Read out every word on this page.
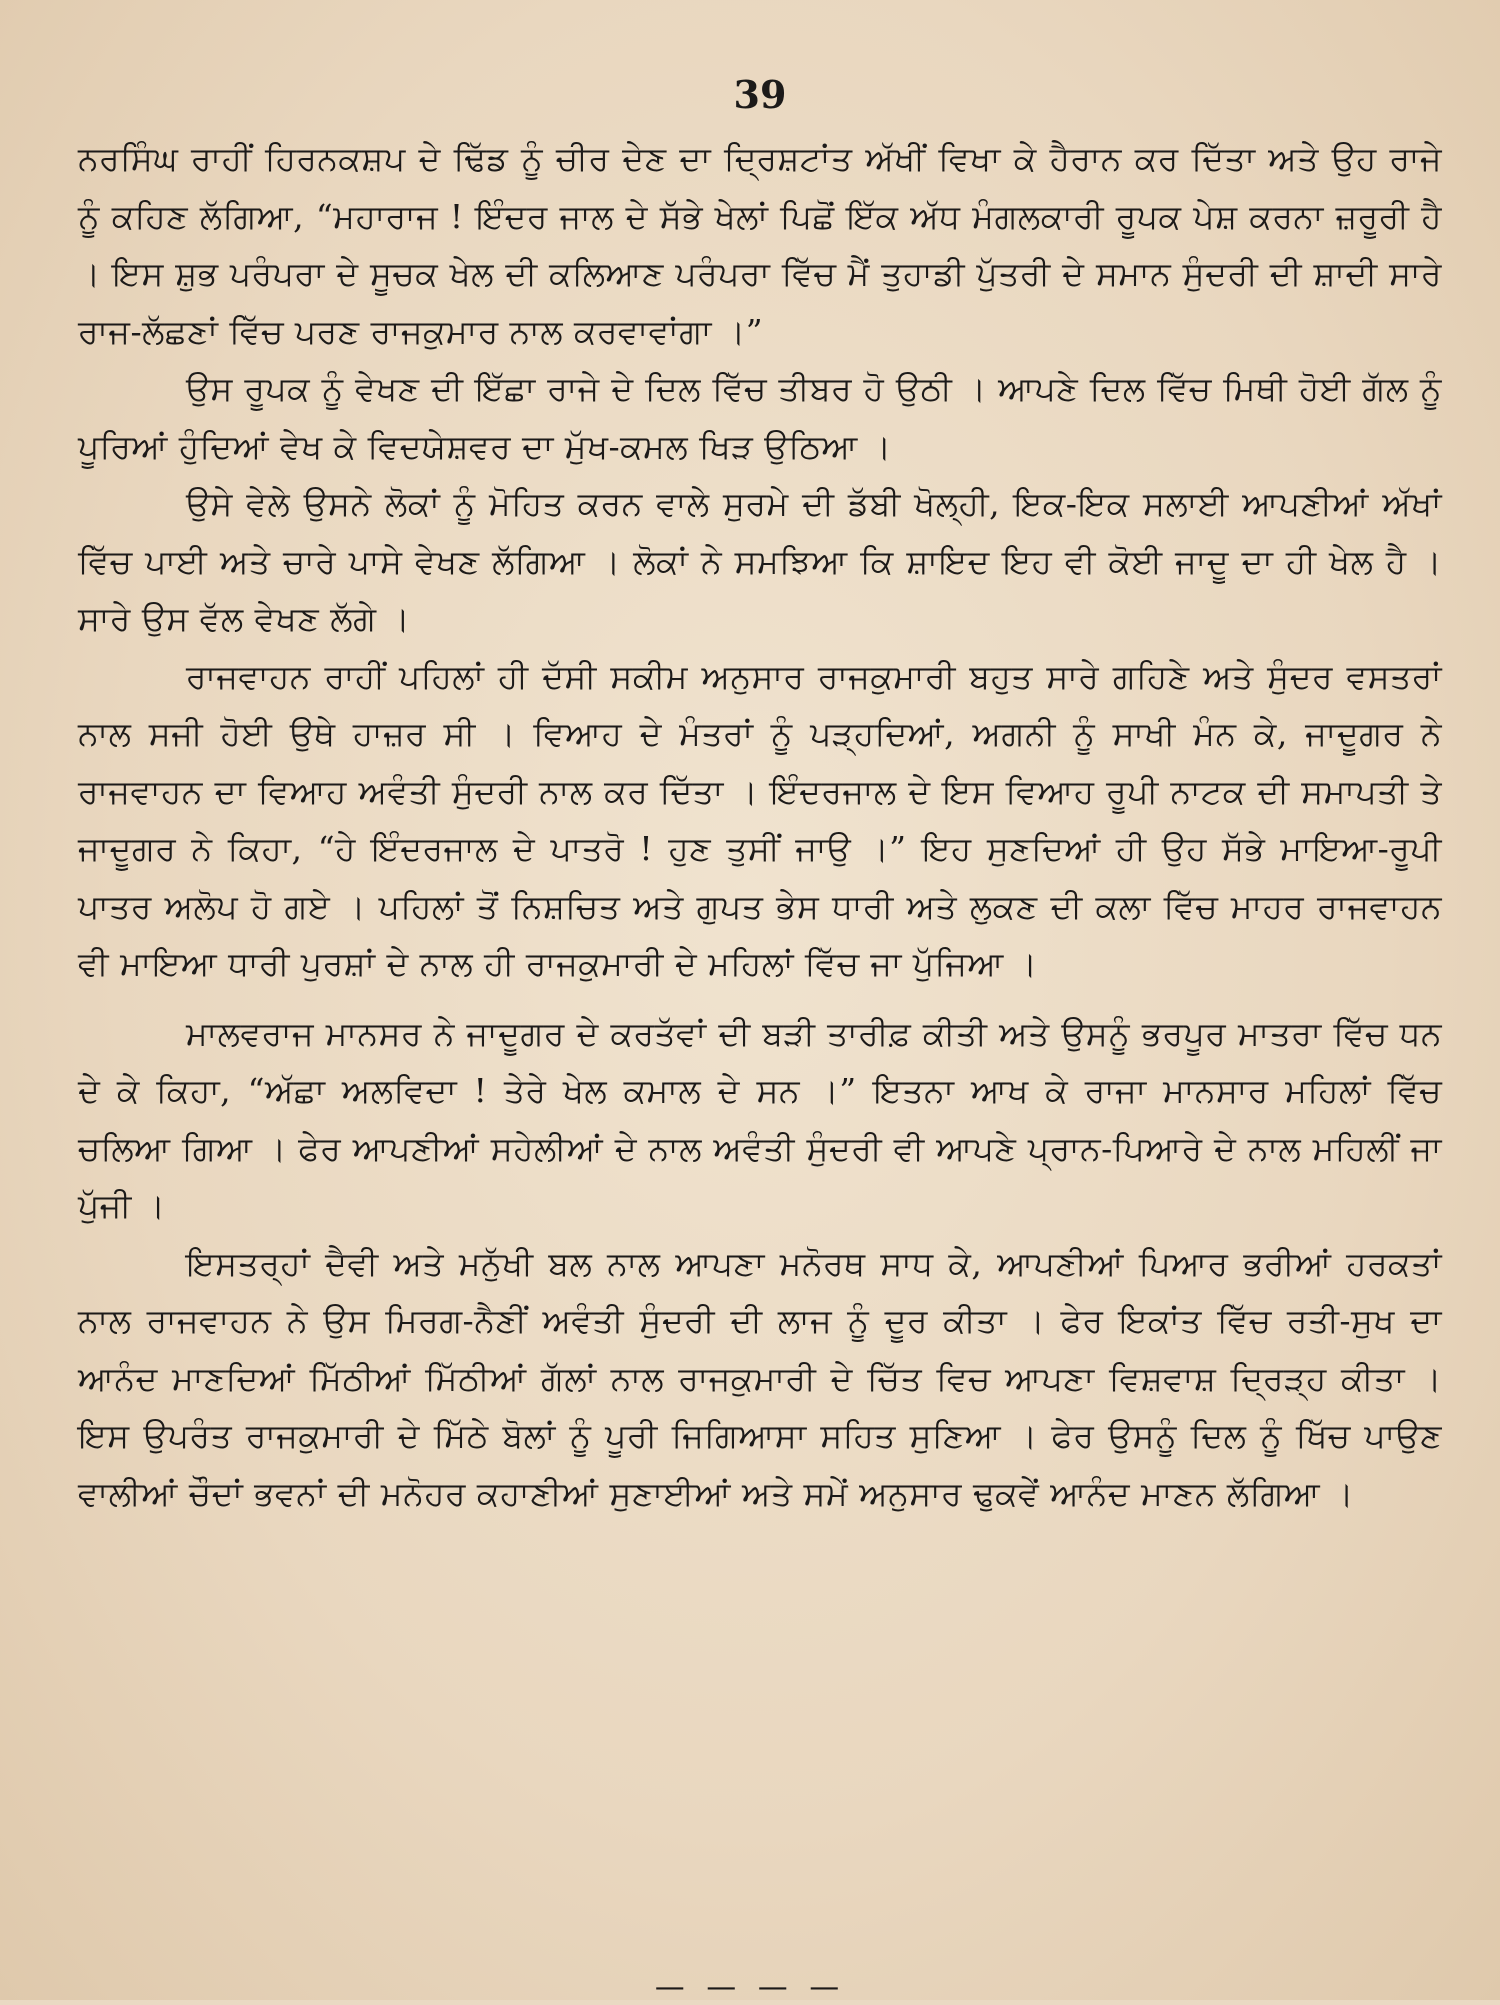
39

ਨਰਸਿੰਘ ਰਾਹੀਂ ਹਿਰਨਕਸ਼ਪ ਦੇ ਢਿੱਡ ਨੂੰ ਚੀਰ ਦੇਣ ਦਾ ਦ੍ਰਿਸ਼ਟਾਂਤ ਅੱਖੀਂ ਵਿਖਾ ਕੇ ਹੈਰਾਨ ਕਰ ਦਿੱਤਾ ਅਤੇ ਉਹ ਰਾਜੇ ਨੂੰ ਕਹਿਣ ਲੱਗਿਆ, “ਮਹਾਰਾਜ ! ਇੰਦਰ ਜਾਲ ਦੇ ਸੱਭੇ ਖੇਲਾਂ ਪਿਛੋਂ ਇੱਕ ਅੱਧ ਮੰਗਲਕਾਰੀ ਰੂਪਕ ਪੇਸ਼ ਕਰਨਾ ਜ਼ਰੂਰੀ ਹੈ । ਇਸ ਸ਼ੁਭ ਪਰੰਪਰਾ ਦੇ ਸੂਚਕ ਖੇਲ ਦੀ ਕਲਿਆਣ ਪਰੰਪਰਾ ਵਿੱਚ ਮੈਂ ਤੁਹਾਡੀ ਪੁੱਤਰੀ ਦੇ ਸਮਾਨ ਸੁੰਦਰੀ ਦੀ ਸ਼ਾਦੀ ਸਾਰੇ ਰਾਜ-ਲੱਛਣਾਂ ਵਿੱਚ ਪਰਣ ਰਾਜਕੁਮਾਰ ਨਾਲ ਕਰਵਾਵਾਂਗਾ ।”

ਉਸ ਰੂਪਕ ਨੂੰ ਵੇਖਣ ਦੀ ਇੱਛਾ ਰਾਜੇ ਦੇ ਦਿਲ ਵਿੱਚ ਤੀਬਰ ਹੋ ਉਠੀ । ਆਪਣੇ ਦਿਲ ਵਿੱਚ ਮਿਥੀ ਹੋਈ ਗੱਲ ਨੂੰ ਪੂਰਿਆਂ ਹੁੰਦਿਆਂ ਵੇਖ ਕੇ ਵਿਦਯੇਸ਼ਵਰ ਦਾ ਮੁੱਖ-ਕਮਲ ਖਿੜ ਉਠਿਆ ।

ਉਸੇ ਵੇਲੇ ਉਸਨੇ ਲੋਕਾਂ ਨੂੰ ਮੋਹਿਤ ਕਰਨ ਵਾਲੇ ਸੁਰਮੇ ਦੀ ਡੱਬੀ ਖੋਲ੍ਹੀ, ਇਕ-ਇਕ ਸਲਾਈ ਆਪਣੀਆਂ ਅੱਖਾਂ ਵਿੱਚ ਪਾਈ ਅਤੇ ਚਾਰੇ ਪਾਸੇ ਵੇਖਣ ਲੱਗਿਆ । ਲੋਕਾਂ ਨੇ ਸਮਝਿਆ ਕਿ ਸ਼ਾਇਦ ਇਹ ਵੀ ਕੋਈ ਜਾਦੂ ਦਾ ਹੀ ਖੇਲ ਹੈ । ਸਾਰੇ ਉਸ ਵੱਲ ਵੇਖਣ ਲੱਗੇ ।

ਰਾਜਵਾਹਨ ਰਾਹੀਂ ਪਹਿਲਾਂ ਹੀ ਦੱਸੀ ਸਕੀਮ ਅਨੁਸਾਰ ਰਾਜਕੁਮਾਰੀ ਬਹੁਤ ਸਾਰੇ ਗਹਿਣੇ ਅਤੇ ਸੁੰਦਰ ਵਸਤਰਾਂ ਨਾਲ ਸਜੀ ਹੋਈ ਉਥੇ ਹਾਜ਼ਰ ਸੀ । ਵਿਆਹ ਦੇ ਮੰਤਰਾਂ ਨੂੰ ਪੜ੍ਹਦਿਆਂ, ਅਗਨੀ ਨੂੰ ਸਾਖੀ ਮੰਨ ਕੇ, ਜਾਦੂਗਰ ਨੇ ਰਾਜਵਾਹਨ ਦਾ ਵਿਆਹ ਅਵੰਤੀ ਸੁੰਦਰੀ ਨਾਲ ਕਰ ਦਿੱਤਾ । ਇੰਦਰਜਾਲ ਦੇ ਇਸ ਵਿਆਹ ਰੂਪੀ ਨਾਟਕ ਦੀ ਸਮਾਪਤੀ ਤੇ ਜਾਦੂਗਰ ਨੇ ਕਿਹਾ, “ਹੇ ਇੰਦਰਜਾਲ ਦੇ ਪਾਤਰੋ ! ਹੁਣ ਤੁਸੀਂ ਜਾਉ ।” ਇਹ ਸੁਣਦਿਆਂ ਹੀ ਉਹ ਸੱਭੇ ਮਾਇਆ-ਰੂਪੀ ਪਾਤਰ ਅਲੋਪ ਹੋ ਗਏ । ਪਹਿਲਾਂ ਤੋਂ ਨਿਸ਼ਚਿਤ ਅਤੇ ਗੁਪਤ ਭੇਸ ਧਾਰੀ ਅਤੇ ਲੁਕਣ ਦੀ ਕਲਾ ਵਿੱਚ ਮਾਹਰ ਰਾਜਵਾਹਨ ਵੀ ਮਾਇਆ ਧਾਰੀ ਪੁਰਸ਼ਾਂ ਦੇ ਨਾਲ ਹੀ ਰਾਜਕੁਮਾਰੀ ਦੇ ਮਹਿਲਾਂ ਵਿੱਚ ਜਾ ਪੁੱਜਿਆ ।

ਮਾਲਵਰਾਜ ਮਾਨਸਰ ਨੇ ਜਾਦੂਗਰ ਦੇ ਕਰਤੱਵਾਂ ਦੀ ਬੜੀ ਤਾਰੀਫ਼ ਕੀਤੀ ਅਤੇ ਉਸਨੂੰ ਭਰਪੂਰ ਮਾਤਰਾ ਵਿੱਚ ਧਨ ਦੇ ਕੇ ਕਿਹਾ, “ਅੱਛਾ ਅਲਵਿਦਾ ! ਤੇਰੇ ਖੇਲ ਕਮਾਲ ਦੇ ਸਨ ।” ਇਤਨਾ ਆਖ ਕੇ ਰਾਜਾ ਮਾਨਸਾਰ ਮਹਿਲਾਂ ਵਿੱਚ ਚਲਿਆ ਗਿਆ । ਫੇਰ ਆਪਣੀਆਂ ਸਹੇਲੀਆਂ ਦੇ ਨਾਲ ਅਵੰਤੀ ਸੁੰਦਰੀ ਵੀ ਆਪਣੇ ਪ੍ਰਾਨ-ਪਿਆਰੇ ਦੇ ਨਾਲ ਮਹਿਲੀਂ ਜਾ ਪੁੱਜੀ ।

ਇਸਤਰ੍ਹਾਂ ਦੈਵੀ ਅਤੇ ਮਨੁੱਖੀ ਬਲ ਨਾਲ ਆਪਣਾ ਮਨੋਰਥ ਸਾਧ ਕੇ, ਆਪਣੀਆਂ ਪਿਆਰ ਭਰੀਆਂ ਹਰਕਤਾਂ ਨਾਲ ਰਾਜਵਾਹਨ ਨੇ ਉਸ ਮਿਰਗ-ਨੈਣੀਂ ਅਵੰਤੀ ਸੁੰਦਰੀ ਦੀ ਲਾਜ ਨੂੰ ਦੂਰ ਕੀਤਾ । ਫੇਰ ਇਕਾਂਤ ਵਿੱਚ ਰਤੀ-ਸੁਖ ਦਾ ਆਨੰਦ ਮਾਣਦਿਆਂ ਮਿੱਠੀਆਂ ਮਿੱਠੀਆਂ ਗੱਲਾਂ ਨਾਲ ਰਾਜਕੁਮਾਰੀ ਦੇ ਚਿੱਤ ਵਿਚ ਆਪਣਾ ਵਿਸ਼ਵਾਸ਼ ਦ੍ਰਿੜ੍ਹ ਕੀਤਾ । ਇਸ ਉਪਰੰਤ ਰਾਜਕੁਮਾਰੀ ਦੇ ਮਿੱਠੇ ਬੋਲਾਂ ਨੂੰ ਪੂਰੀ ਜਿਗਿਆਸਾ ਸਹਿਤ ਸੁਣਿਆ । ਫੇਰ ਉਸਨੂੰ ਦਿਲ ਨੂੰ ਖਿੱਚ ਪਾਉਣ ਵਾਲੀਆਂ ਚੌਦਾਂ ਭਵਨਾਂ ਦੀ ਮਨੋਹਰ ਕਹਾਣੀਆਂ ਸੁਣਾਈਆਂ ਅਤੇ ਸਮੇਂ ਅਨੁਸਾਰ ਢੁਕਵੇਂ ਆਨੰਦ ਮਾਣਨ ਲੱਗਿਆ ।

— — — —
